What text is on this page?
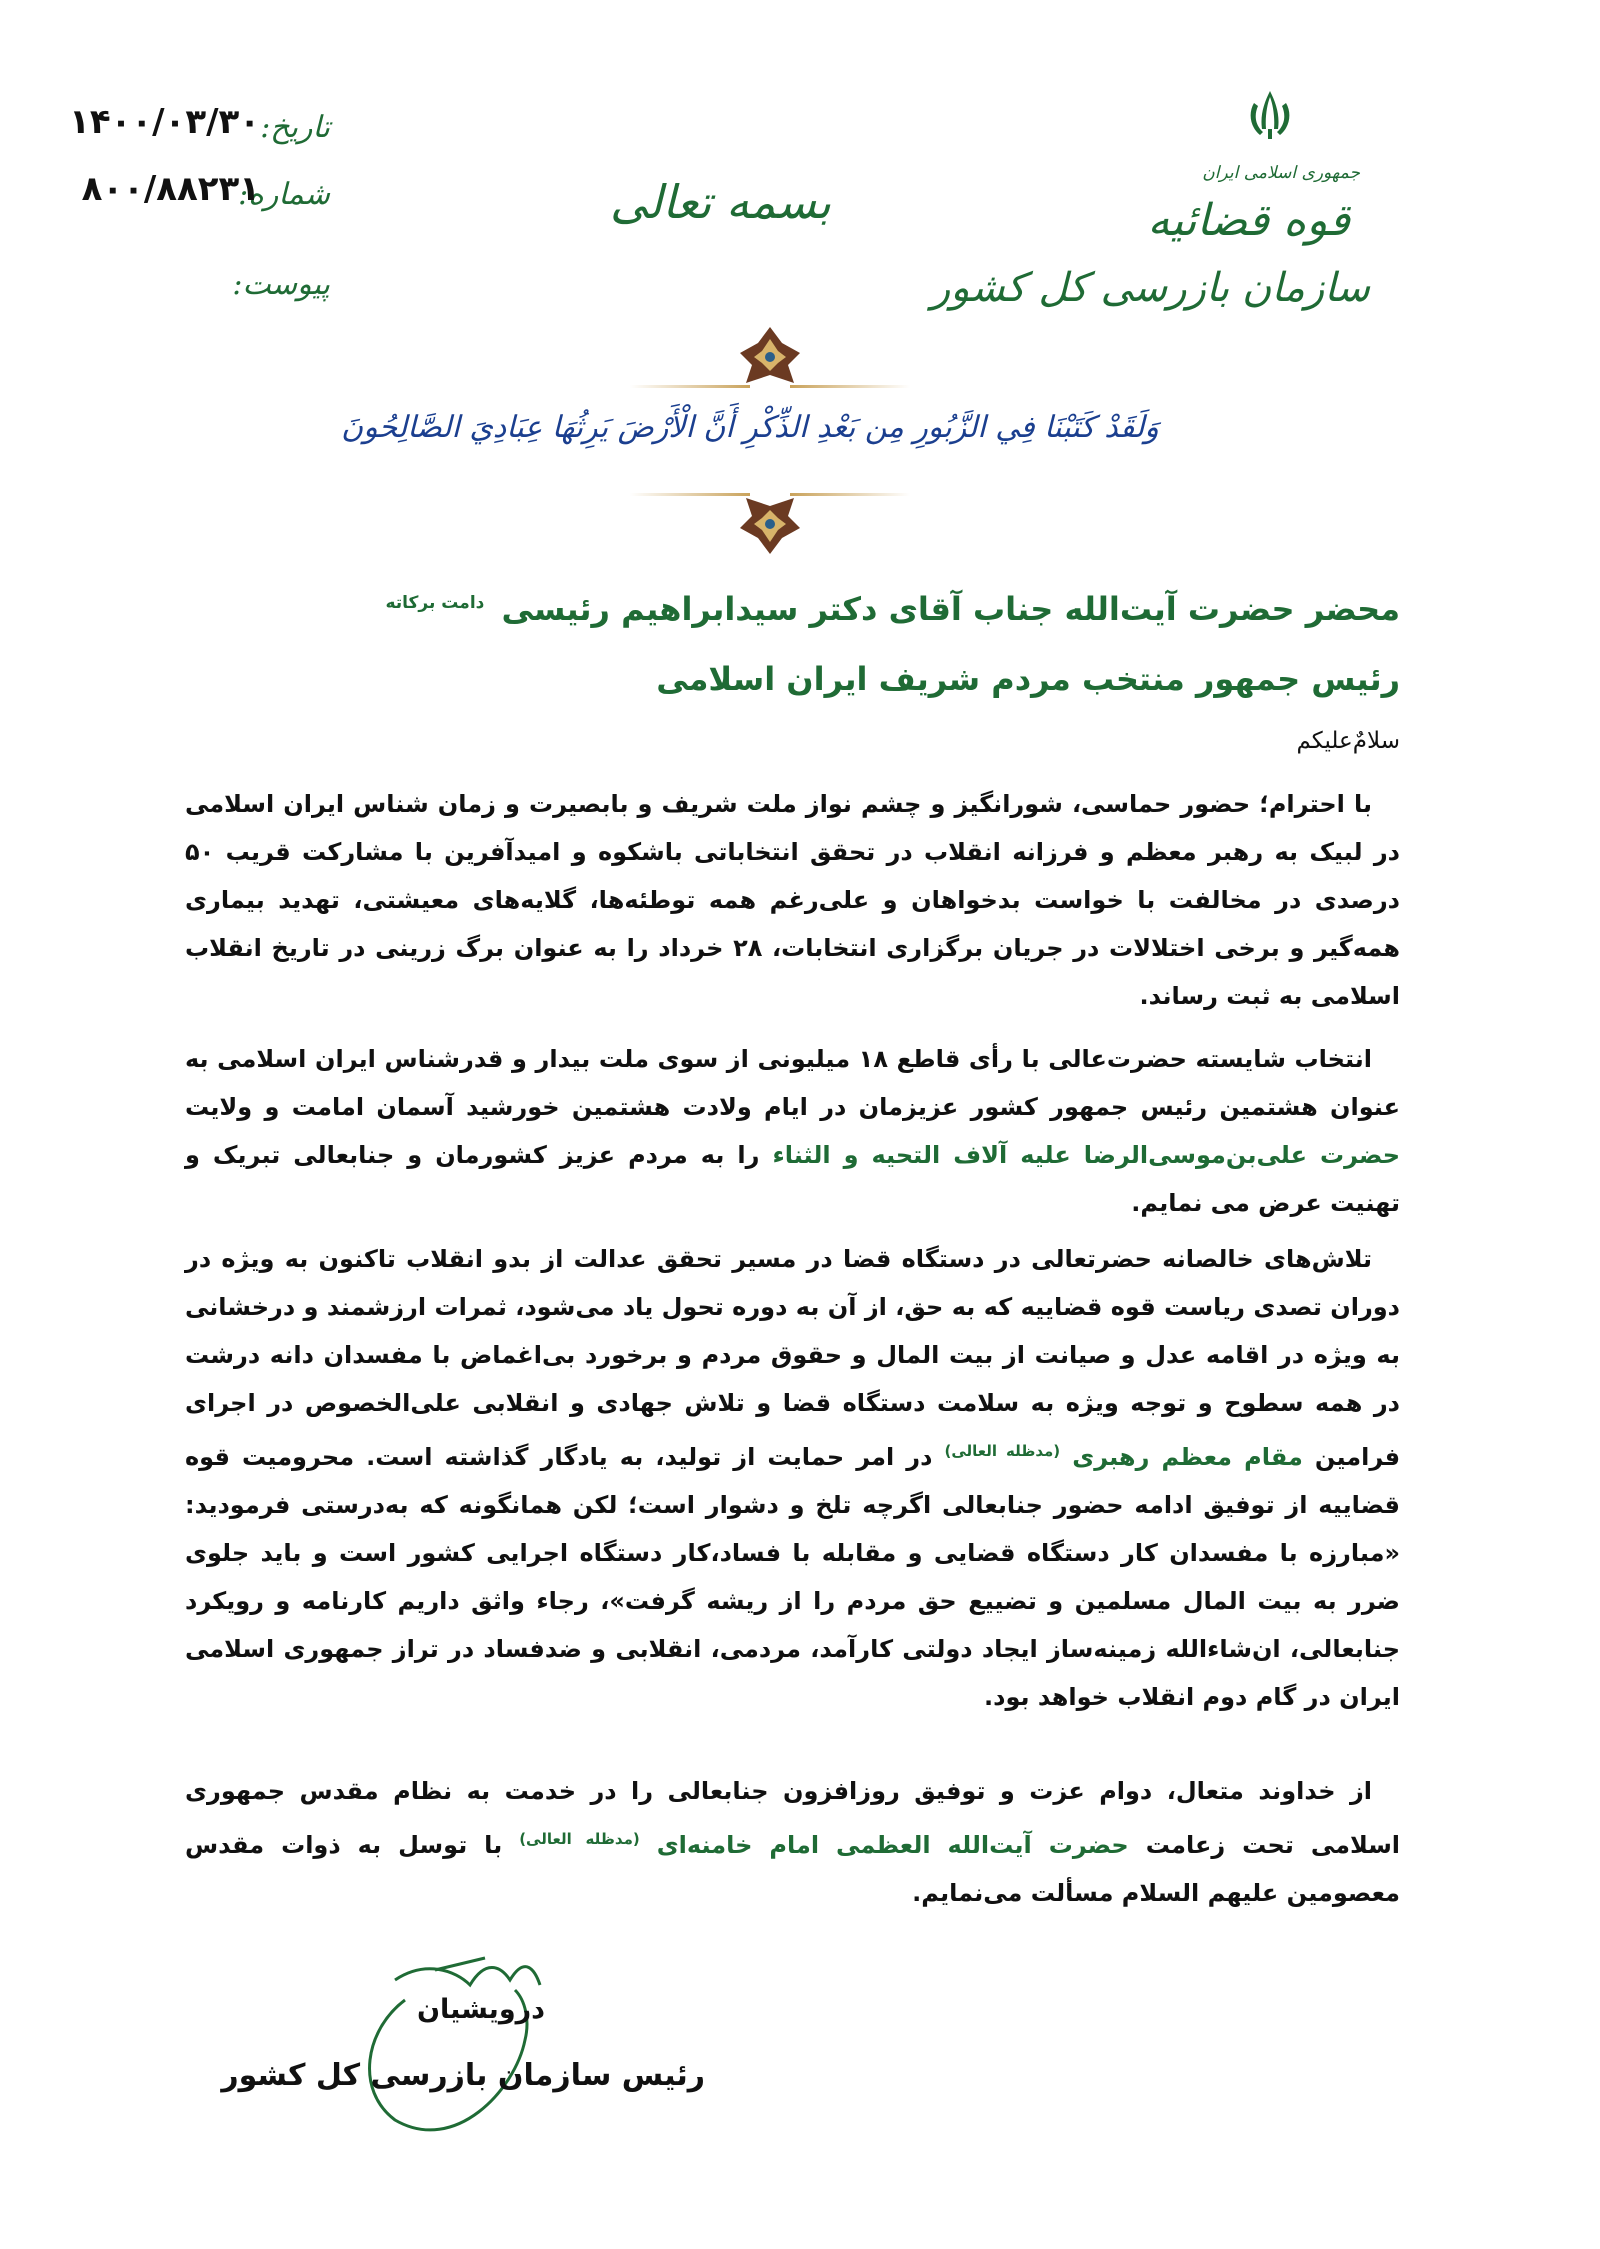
جمهوری اسلامی ایران
قوه قضائیه
سازمان بازرسی کل کشور
بسمه تعالی
تاریخ:
۱۴۰۰/۰۳/۳۰
شماره:
۸۰۰/۸۸۲۳۱
پیوست:
وَلَقَدْ كَتَبْنَا فِي الزَّبُورِ مِن بَعْدِ الذِّكْرِ أَنَّ الْأَرْضَ يَرِثُهَا عِبَادِيَ الصَّالِحُونَ
محضر حضرت آیت‌الله جناب آقای دکتر سیدابراهیم رئیسی $^{دامت برکاته}$
رئیس جمهور منتخب مردم شریف ایران اسلامی
سلامٌ‌علیکم
با احترام؛ حضور حماسی، شورانگیز و چشم نواز ملت شریف و بابصیرت و زمان شناس ایران اسلامی در لبیک به رهبر معظم و فرزانه انقلاب در تحقق انتخاباتی باشکوه و امیدآفرین با مشارکت قریب ۵۰ درصدی در مخالفت با خواست بدخواهان و علی‌رغم همه توطئه‌ها، گلایه‌های معیشتی، تهدید بیماری همه‌گیر و برخی اختلالات در جریان برگزاری انتخابات، ۲۸ خرداد را به عنوان برگ زرینی در تاریخ انقلاب اسلامی به ثبت رساند.
انتخاب شایسته حضرت‌عالی با رأی قاطع ۱۸ میلیونی از سوی ملت بیدار و قدرشناس ایران اسلامی به عنوان هشتمین رئیس جمهور کشور عزیزمان در ایام ولادت هشتمین خورشید آسمان امامت و ولایت حضرت علی‌بن‌موسی‌الرضا علیه آلاف التحیه و الثناء را به مردم عزیز کشورمان و جنابعالی تبریک و تهنیت عرض می نمایم.
تلاش‌های خالصانه حضرتعالی در دستگاه قضا در مسیر تحقق عدالت از بدو انقلاب تاکنون به ویژه در دوران تصدی ریاست قوه قضاییه که به حق، از آن به دوره تحول یاد می‌شود، ثمرات ارزشمند و درخشانی به ویژه در اقامه عدل و صیانت از بیت المال و حقوق مردم و برخورد بی‌اغماض با مفسدان دانه درشت در همه سطوح و توجه ویژه به سلامت دستگاه قضا و تلاش جهادی و انقلابی علی‌الخصوص در اجرای فرامین مقام معظم رهبری $^{(مدظله العالی)}$ در امر حمایت از تولید، به یادگار گذاشته است. محرومیت قوه قضاییه از توفیق ادامه حضور جنابعالی اگرچه تلخ و دشوار است؛ لکن همانگونه که به‌درستی فرمودید: «مبارزه با مفسدان کار دستگاه قضایی و مقابله با فساد،کار دستگاه اجرایی کشور است و باید جلوی ضرر به بیت المال مسلمین و تضییع حق مردم را از ریشه گرفت»، رجاء واثق داریم کارنامه و رویکرد جنابعالی، ان‌شاءالله زمینه‌ساز ایجاد دولتی کارآمد، مردمی، انقلابی و ضدفساد در تراز جمهوری اسلامی ایران در گام دوم انقلاب خواهد بود.
از خداوند متعال، دوام عزت و توفیق روزافزون جنابعالی را در خدمت به نظام مقدس جمهوری اسلامی تحت زعامت حضرت آیت‌الله العظمی امام خامنه‌ای $^{(مدظله العالی)}$ با توسل به ذوات مقدس معصومین علیهم السلام مسألت می‌نمایم.
درویشیان
رئیس سازمان بازرسی کل کشور
